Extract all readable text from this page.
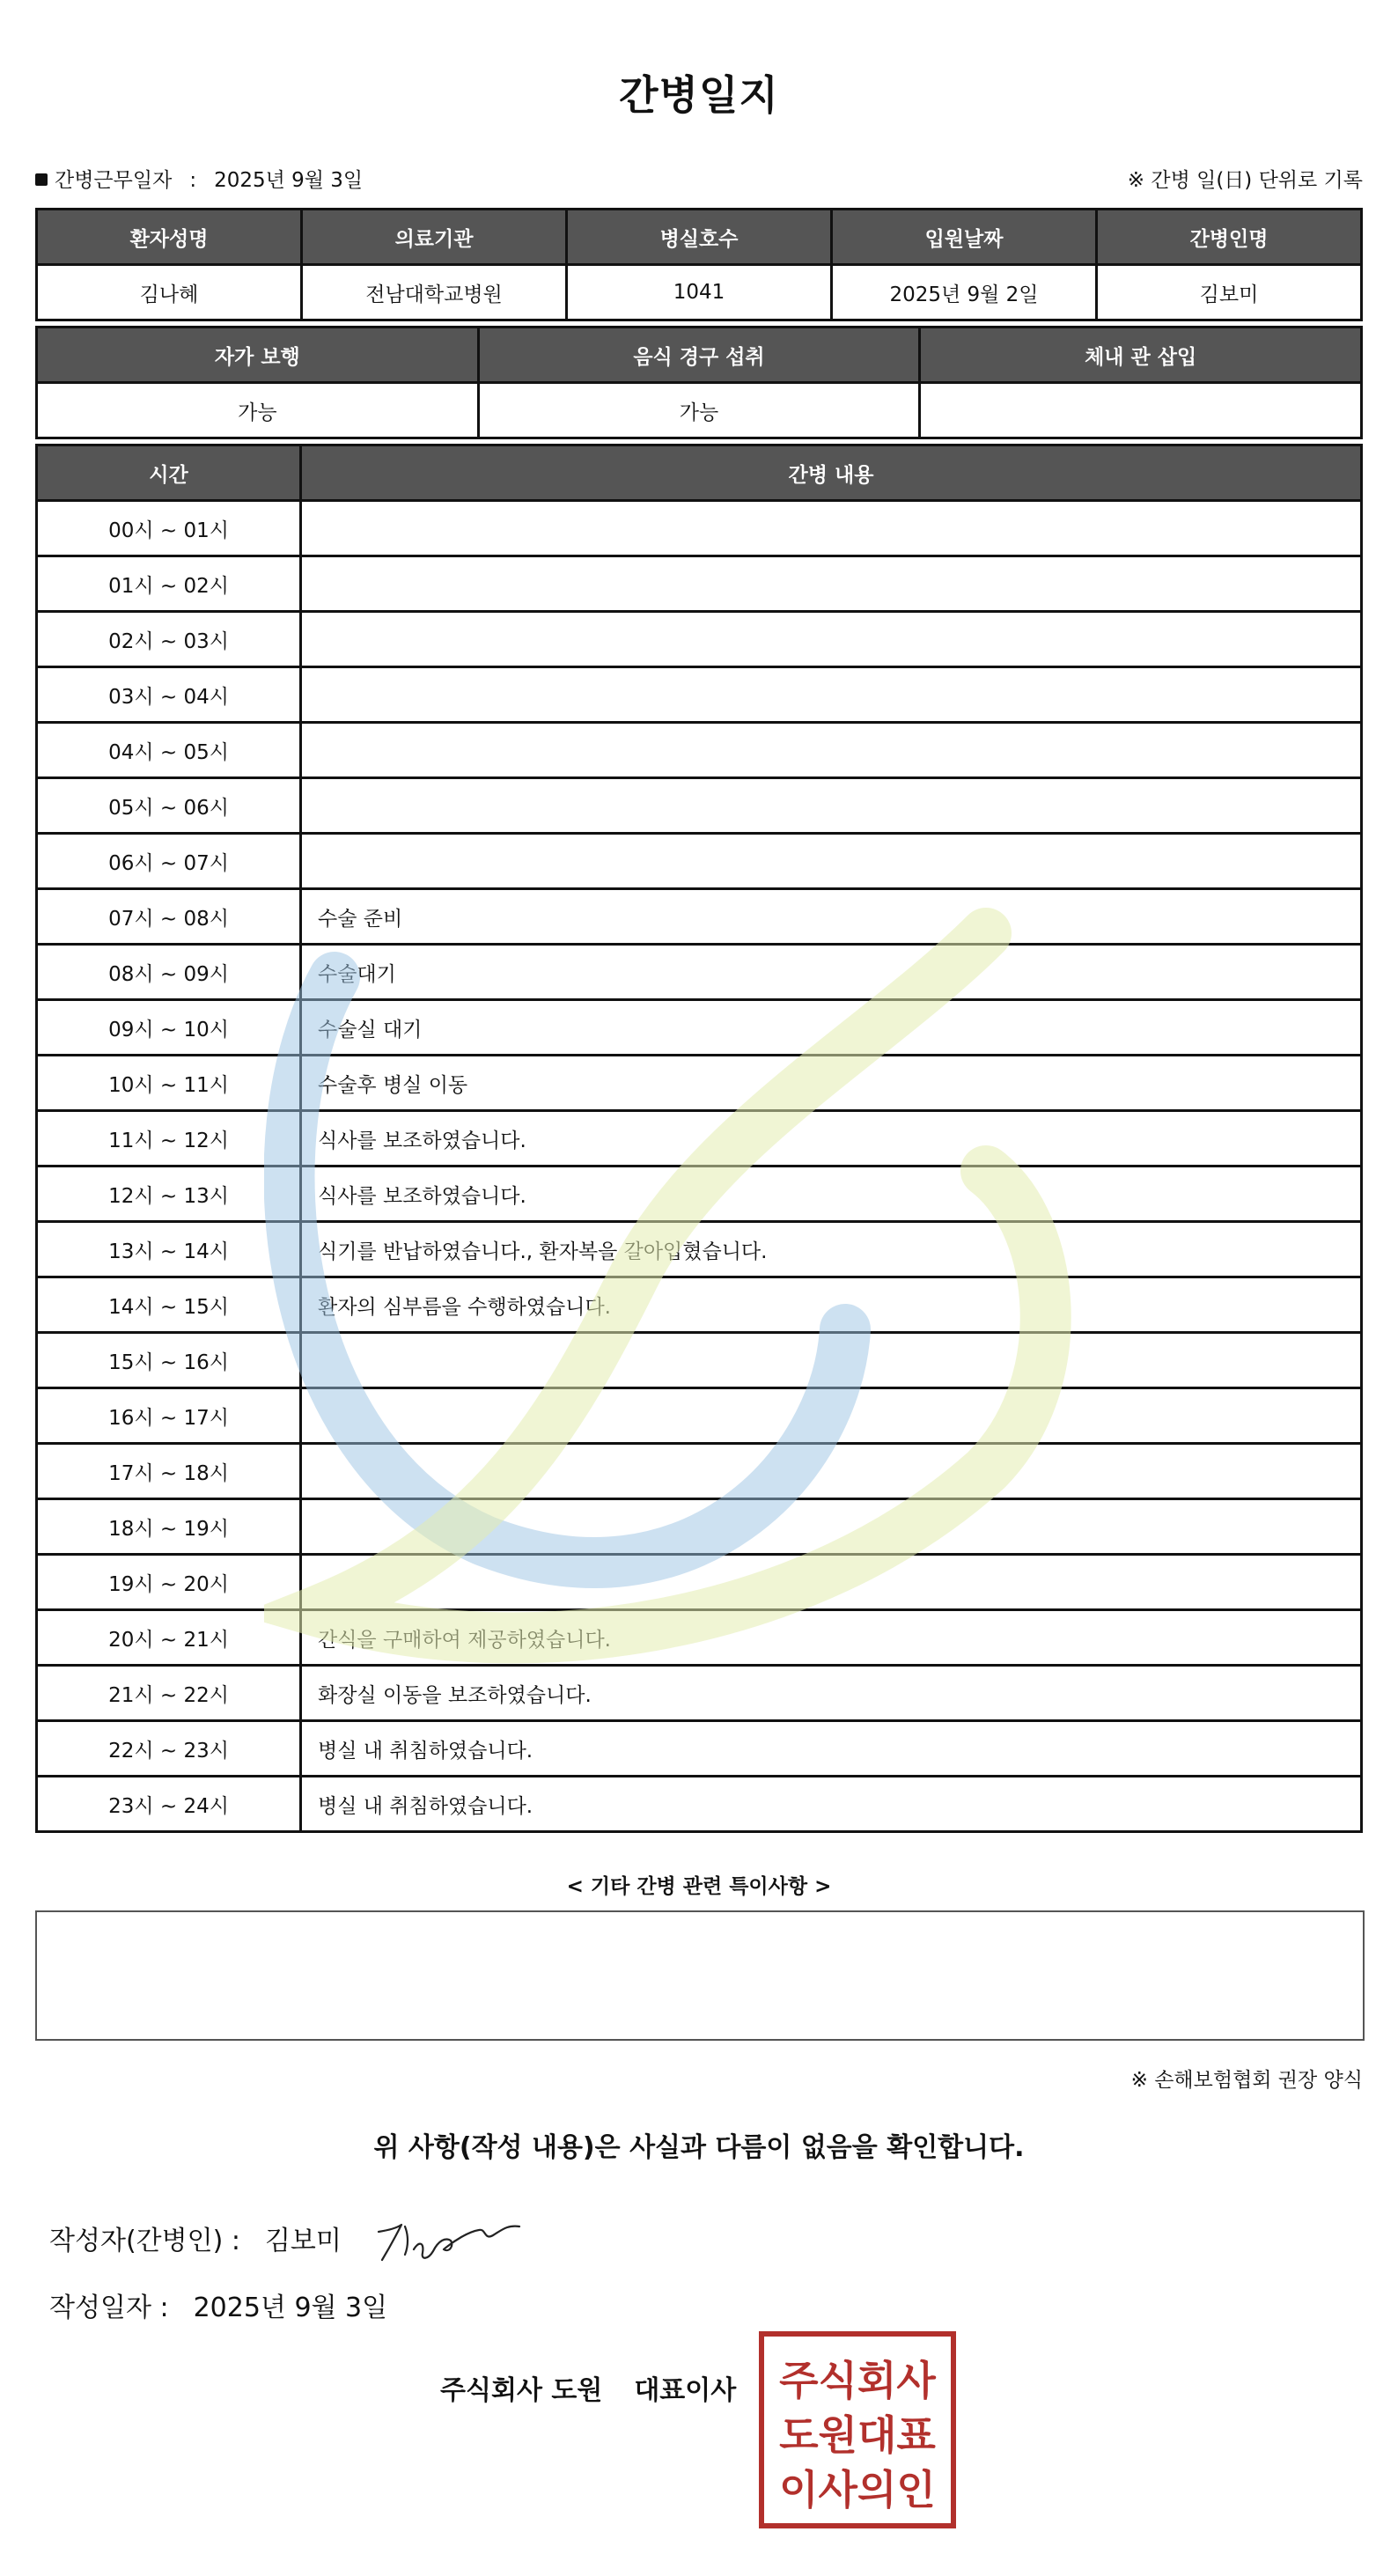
간병일지
간병근무일자 : 2025년 9월 3일	※ 간병 일(日) 단위로 기록
환자성명	의료기관	병실호수	입원날짜	간병인명
김나혜	전남대학교병원	1041	2025년 9월 2일	김보미
자가 보행	음식 경구 섭취	체내 관 삽입
가능	가능	
시간	간병 내용
00시 ~ 01시	
01시 ~ 02시	
02시 ~ 03시	
03시 ~ 04시	
04시 ~ 05시	
05시 ~ 06시	
06시 ~ 07시	
07시 ~ 08시	수술 준비
08시 ~ 09시	수술대기
09시 ~ 10시	수술실 대기
10시 ~ 11시	수술후 병실 이동
11시 ~ 12시	식사를 보조하였습니다.
12시 ~ 13시	식사를 보조하였습니다.
13시 ~ 14시	식기를 반납하였습니다., 환자복을 갈아입혔습니다.
14시 ~ 15시	환자의 심부름을 수행하였습니다.
15시 ~ 16시	
16시 ~ 17시	
17시 ~ 18시	
18시 ~ 19시	
19시 ~ 20시	
20시 ~ 21시	간식을 구매하여 제공하였습니다.
21시 ~ 22시	화장실 이동을 보조하였습니다.
22시 ~ 23시	병실 내 취침하였습니다.
23시 ~ 24시	병실 내 취침하였습니다.
< 기타 간병 관련 특이사항 >
※ 손해보험협회 권장 양식
위 사항(작성 내용)은 사실과 다름이 없음을 확인합니다.
작성자(간병인) : 김보미
작성일자 : 2025년 9월 3일
주식회사 도원 대표이사 주식회사
도원대표
이사의인
